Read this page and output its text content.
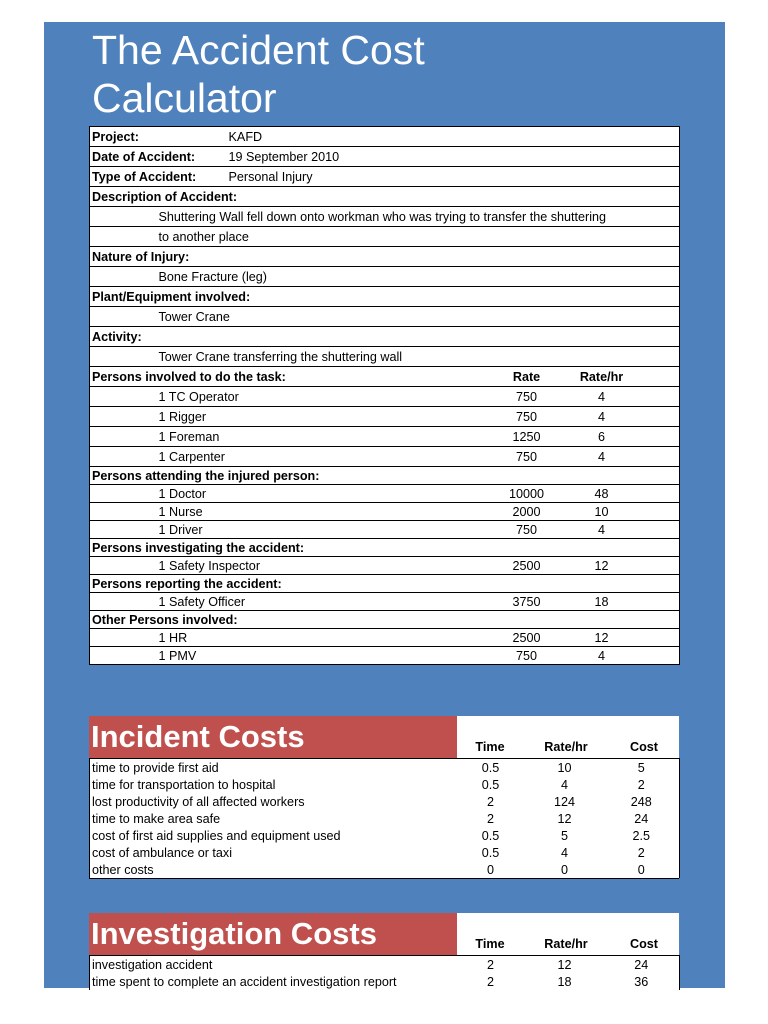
The Accident Cost
Calculator
Project:		KAFD			
Date of Accident:		19 September 2010			
Type of Accident:		Personal Injury			
Description of Accident:					
	Shuttering Wall fell down onto workman who was trying to transfer the shuttering				
	to another place				
Nature of Injury:					
	Bone Fracture (leg)				
Plant/Equipment involved:					
	Tower Crane				
Activity:					
	Tower Crane transferring the shuttering wall				
Persons involved to do the task:			Rate	Rate/hr	
	1 TC Operator		750	4	
	1 Rigger		750	4	
	1 Foreman		1250	6	
	1 Carpenter		750	4	
Persons attending the injured person:					
	1 Doctor		10000	48	
	1 Nurse		2000	10	
	1 Driver		750	4	
Persons investigating the accident:					
	1 Safety Inspector		2500	12	
Persons reporting the accident:					
	1 Safety Officer		3750	18	
Other Persons involved:					
	1 HR		2500	12	
	1 PMV		750	4	
Incident Costs	Time	Rate/hr	Cost
time to provide first aid	0.5	10	5
time for transportation to hospital	0.5	4	2
lost productivity of all affected workers	2	124	248
time to make area safe	2	12	24
cost of first aid supplies and equipment used	0.5	5	2.5
cost of ambulance or taxi	0.5	4	2
other costs	0	0	0
Investigation Costs	Time	Rate/hr	Cost
investigation accident	2	12	24
time spent to complete an accident investigation report	2	18	36
